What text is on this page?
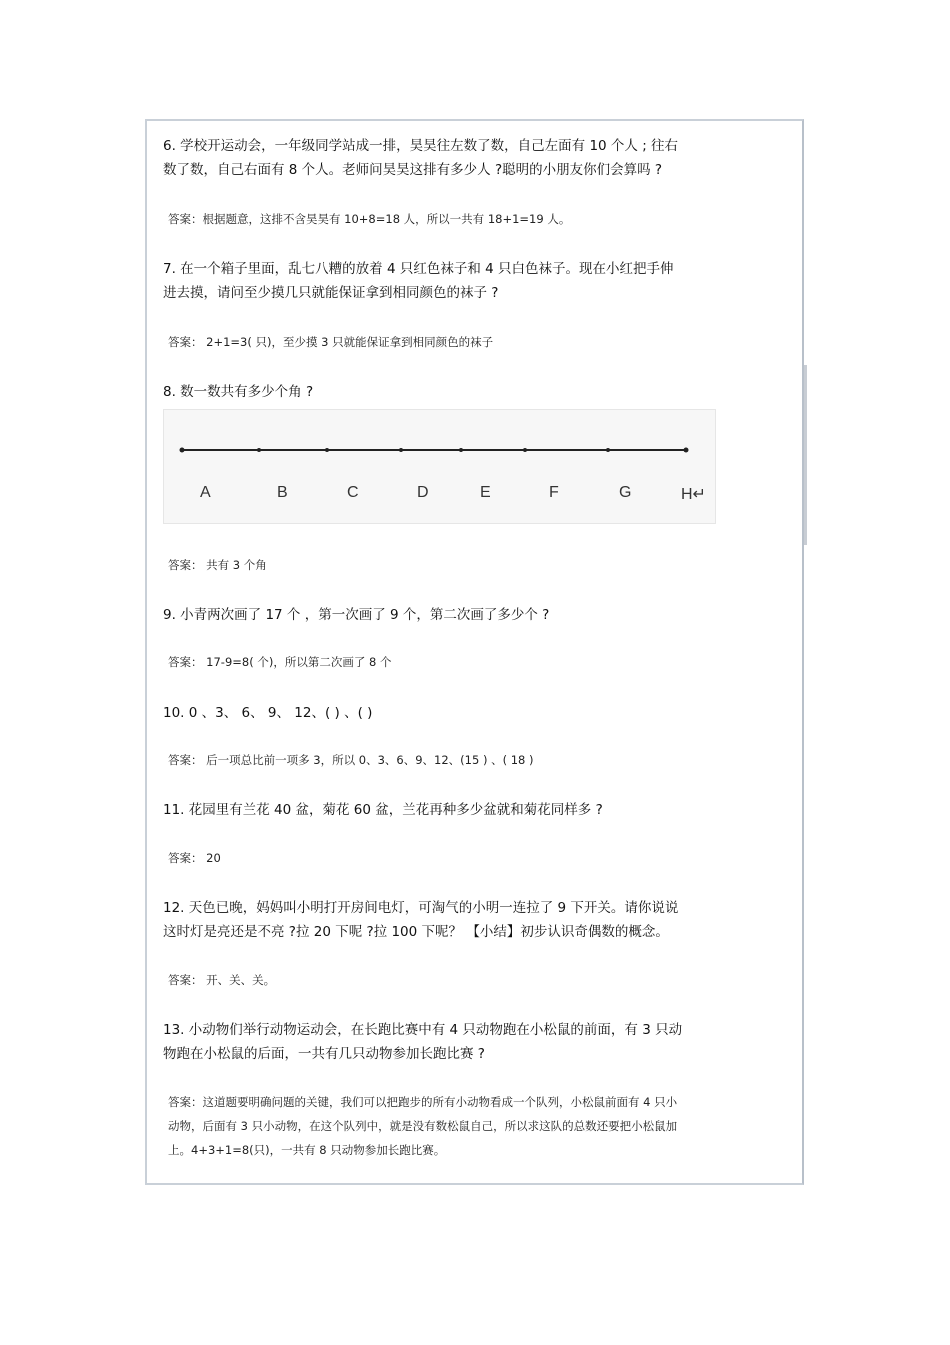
6. 学校开运动会，一年级同学站成一排，昊昊往左数了数，自己左面有 10 个人 ; 往右
数了数，自己右面有 8 个人。老师问昊昊这排有多少人 ?聪明的小朋友你们会算吗 ?
答案：根据题意，这排不含昊昊有 10+8=18 人，所以一共有 18+1=19 人。
7. 在一个箱子里面，乱七八糟的放着 4 只红色袜子和 4 只白色袜子。现在小红把手伸
进去摸，请问至少摸几只就能保证拿到相同颜色的袜子 ?
答案： 2+1=3( 只)，至少摸 3 只就能保证拿到相同颜色的袜子
8. 数一数共有多少个角 ?
A	B	C	D	E	F	G	H↵
答案： 共有 3 个角
9. 小青两次画了 17 个 ，第一次画了 9 个，第二次画了多少个 ?
答案： 17-9=8( 个)，所以第二次画了 8 个
10. 0 、3、 6、 9、 12、( ) 、( )
答案： 后一项总比前一项多 3，所以 0、3、6、9、12、(15 ) 、( 18 )
11. 花园里有兰花 40 盆，菊花 60 盆，兰花再种多少盆就和菊花同样多 ?
答案： 20
12. 天色已晚，妈妈叫小明打开房间电灯，可淘气的小明一连拉了 9 下开关。请你说说
这时灯是亮还是不亮 ?拉 20 下呢 ?拉 100 下呢？ 【小结】初步认识奇偶数的概念。
答案： 开、关、关。
13. 小动物们举行动物运动会，在长跑比赛中有 4 只动物跑在小松鼠的前面，有 3 只动
物跑在小松鼠的后面，一共有几只动物参加长跑比赛 ?
答案：这道题要明确问题的关键，我们可以把跑步的所有小动物看成一个队列，小松鼠前面有 4 只小
动物，后面有 3 只小动物，在这个队列中，就是没有数松鼠自己，所以求这队的总数还要把小松鼠加
上。4+3+1=8(只)，一共有 8 只动物参加长跑比赛。
